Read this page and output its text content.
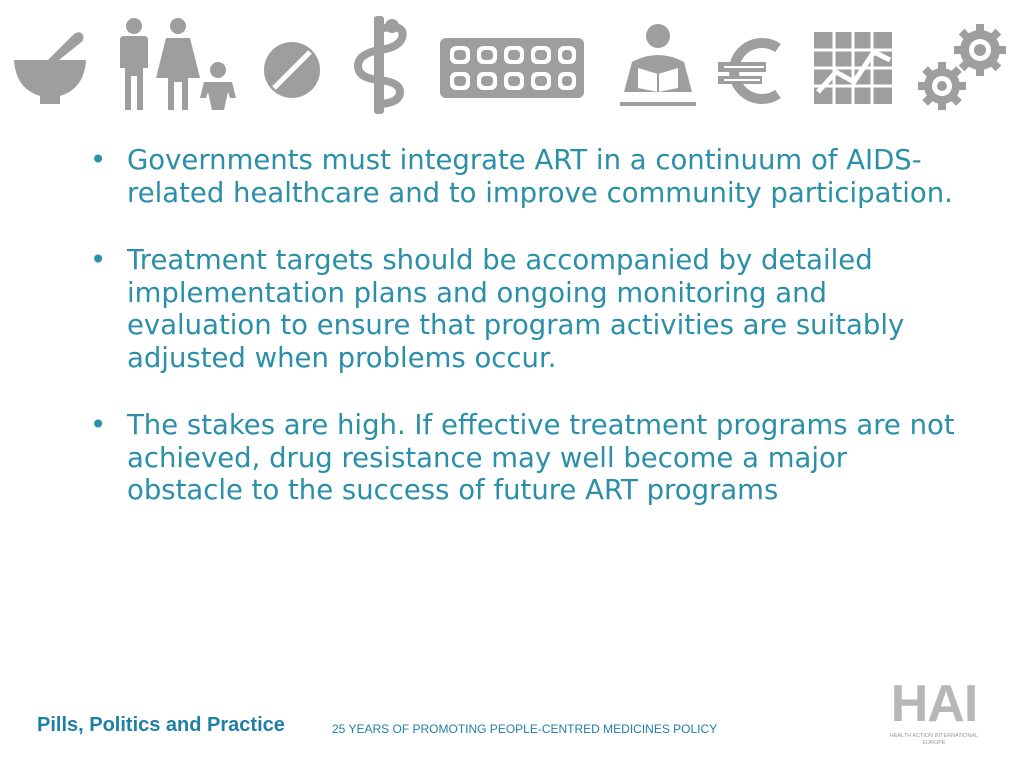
• Governments must integrate ART in a continuum of AIDS-related healthcare and to improve community participation.
• Treatment targets should be accompanied by detailed implementation plans and ongoing monitoring and evaluation to ensure that program activities are suitably adjusted when problems occur.
• The stakes are high. If effective treatment programs are not achieved, drug resistance may well become a major obstacle to the success of future ART programs
Pills, Politics and Practice	25 YEARS OF PROMOTING PEOPLE-CENTRED MEDICINES POLICY	HAI
HEALTH ACTION INTERNATIONAL
EUROPE
